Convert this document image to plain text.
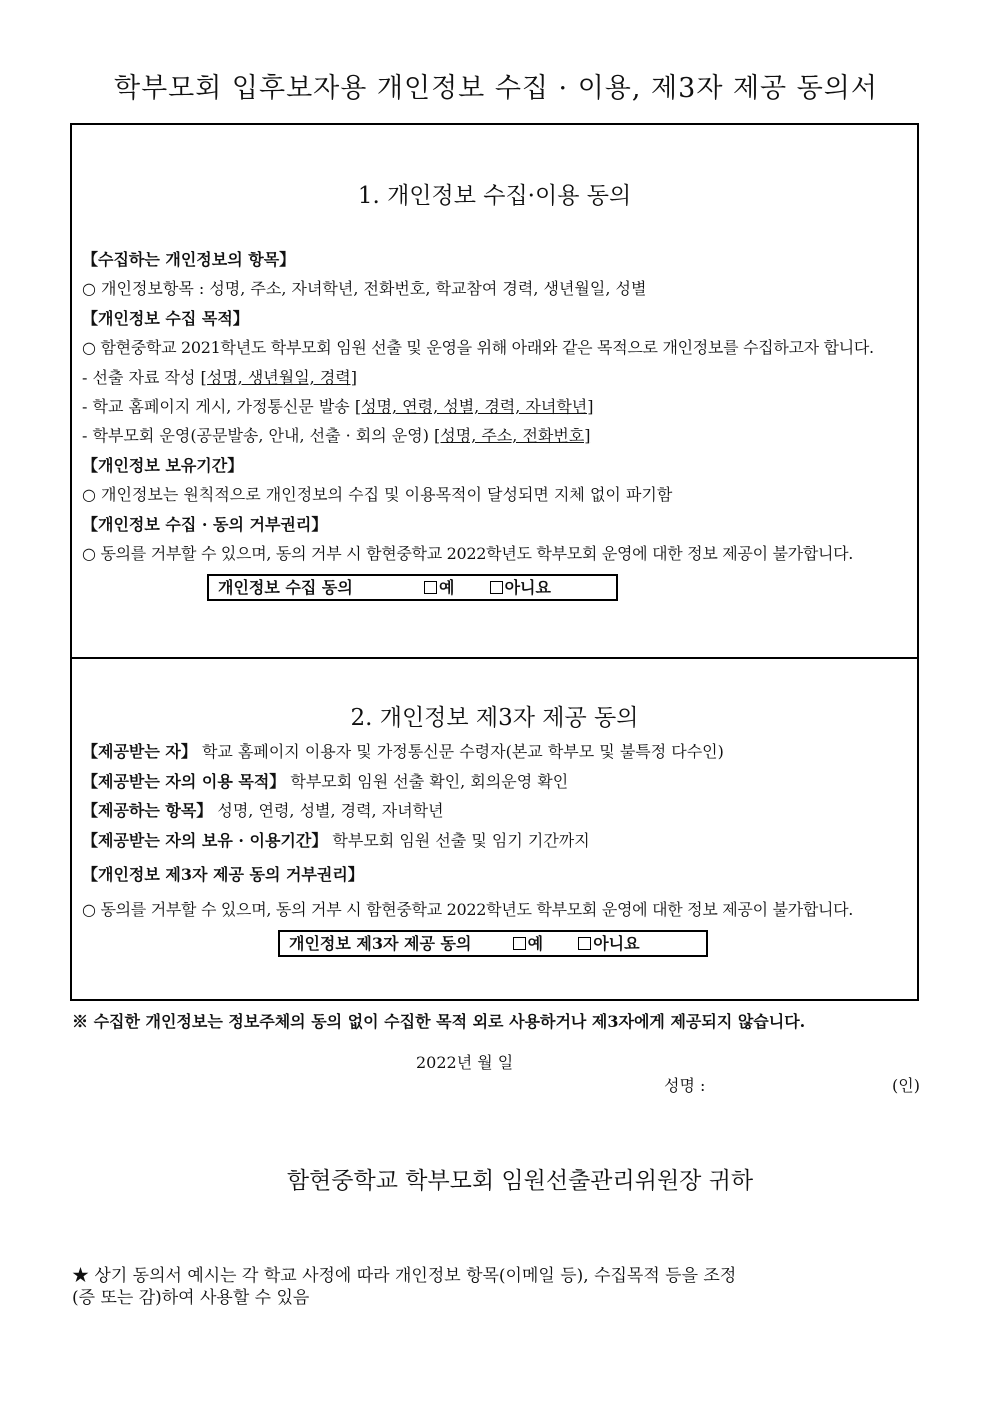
학부모회 입후보자용 개인정보 수집 · 이용, 제3자 제공 동의서
1. 개인정보 수집·이용 동의
【수집하는 개인정보의 항목】
○ 개인정보항목 : 성명, 주소, 자녀학년, 전화번호, 학교참여 경력, 생년월일, 성별
【개인정보 수집 목적】
○ 함현중학교 2021학년도 학부모회 임원 선출 및 운영을 위해 아래와 같은 목적으로 개인정보를 수집하고자 합니다.
- 선출 자료 작성 [성명, 생년월일, 경력]
- 학교 홈페이지 게시, 가정통신문 발송 [성명, 연령, 성별, 경력, 자녀학년]
- 학부모회 운영(공문발송, 안내, 선출 · 회의 운영) [성명, 주소, 전화번호]
【개인정보 보유기간】
○ 개인정보는 원칙적으로 개인정보의 수집 및 이용목적이 달성되면 지체 없이 파기함
【개인정보 수집 · 동의 거부권리】
○ 동의를 거부할 수 있으며, 동의 거부 시 함현중학교 2022학년도 학부모회 운영에 대한 정보 제공이 불가합니다.
개인정보 수집 동의	예	아니요
2. 개인정보 제3자 제공 동의
【제공받는 자】 학교 홈페이지 이용자 및 가정통신문 수령자(본교 학부모 및 불특정 다수인)
【제공받는 자의 이용 목적】 학부모회 임원 선출 확인, 회의운영 확인
【제공하는 항목】 성명, 연령, 성별, 경력, 자녀학년
【제공받는 자의 보유 · 이용기간】 학부모회 임원 선출 및 임기 기간까지
【개인정보 제3자 제공 동의 거부권리】
○ 동의를 거부할 수 있으며, 동의 거부 시 함현중학교 2022학년도 학부모회 운영에 대한 정보 제공이 불가합니다.
개인정보 제3자 제공 동의	예	아니요
※ 수집한 개인정보는 정보주체의 동의 없이 수집한 목적 외로 사용하거나 제3자에게 제공되지 않습니다.
2022년 월 일
성명 :	(인)
함현중학교 학부모회 임원선출관리위원장 귀하
★ 상기 동의서 예시는 각 학교 사정에 따라 개인정보 항목(이메일 등), 수집목적 등을 조정
(증 또는 감)하여 사용할 수 있음
